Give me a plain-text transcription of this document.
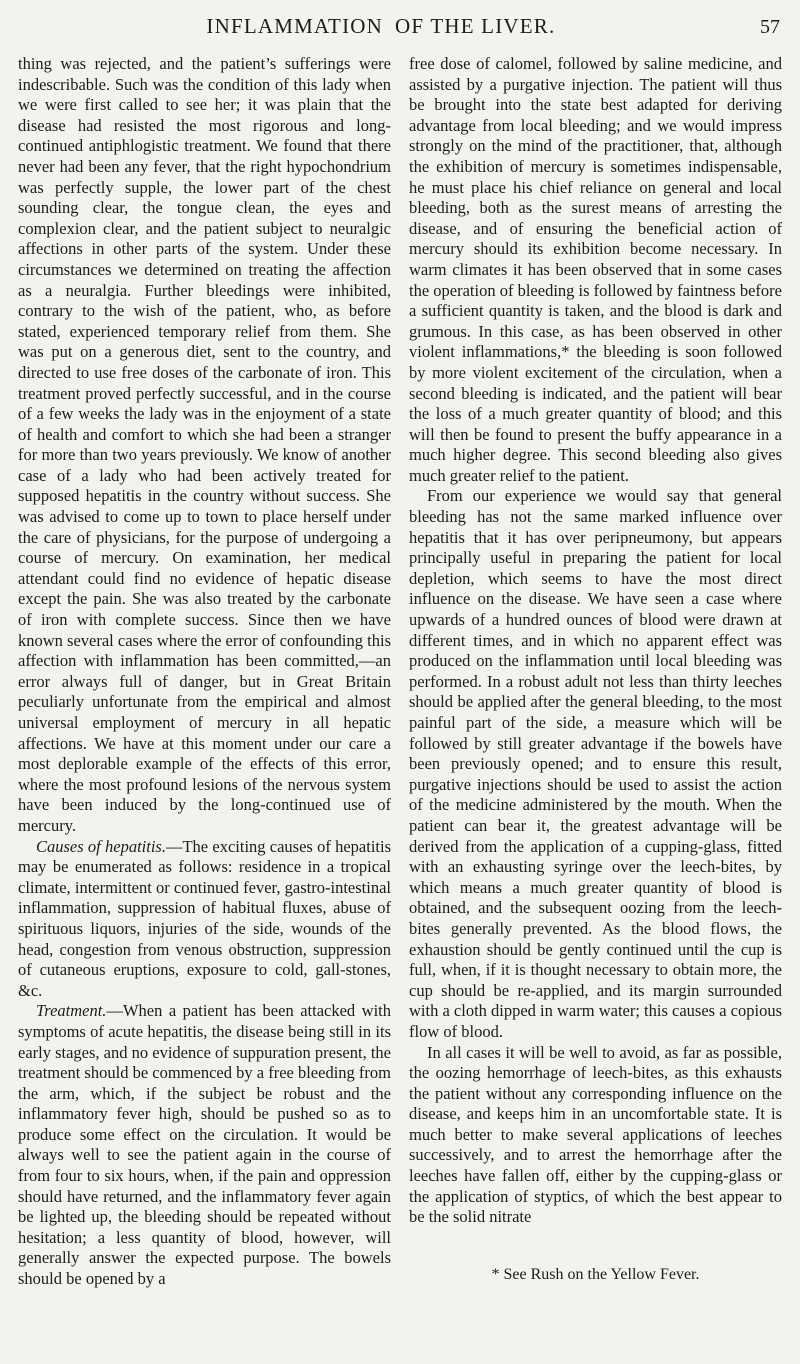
INFLAMMATION OF THE LIVER.	57

thing was rejected, and the patient’s sufferings were indescribable. Such was the condition of this lady when we were first called to see her; it was plain that the disease had resisted the most rigorous and long-continued antiphlogistic treatment. We found that there never had been any fever, that the right hypochondrium was perfectly supple, the lower part of the chest sounding clear, the tongue clean, the eyes and complexion clear, and the patient subject to neuralgic affections in other parts of the system. Under these circumstances we determined on treating the affection as a neuralgia. Further bleedings were inhibited, contrary to the wish of the patient, who, as before stated, experienced temporary relief from them. She was put on a generous diet, sent to the country, and directed to use free doses of the carbonate of iron. This treatment proved perfectly successful, and in the course of a few weeks the lady was in the enjoyment of a state of health and comfort to which she had been a stranger for more than two years previously. We know of another case of a lady who had been actively treated for supposed hepatitis in the country without success. She was advised to come up to town to place herself under the care of physicians, for the purpose of undergoing a course of mercury. On examination, her medical attendant could find no evidence of hepatic disease except the pain. She was also treated by the carbonate of iron with complete success. Since then we have known several cases where the error of confounding this affection with inflammation has been committed,—an error always full of danger, but in Great Britain peculiarly unfortunate from the empirical and almost universal employment of mercury in all hepatic affections. We have at this moment under our care a most deplorable example of the effects of this error, where the most profound lesions of the nervous system have been induced by the long-continued use of mercury.

Causes of hepatitis.—The exciting causes of hepatitis may be enumerated as follows: residence in a tropical climate, intermittent or continued fever, gastro-intestinal inflammation, suppression of habitual fluxes, abuse of spirituous liquors, injuries of the side, wounds of the head, congestion from venous obstruction, suppression of cutaneous eruptions, exposure to cold, gall-stones, &c.

Treatment.—When a patient has been attacked with symptoms of acute hepatitis, the disease being still in its early stages, and no evidence of suppuration present, the treatment should be commenced by a free bleeding from the arm, which, if the subject be robust and the inflammatory fever high, should be pushed so as to produce some effect on the circulation. It would be always well to see the patient again in the course of from four to six hours, when, if the pain and oppression should have returned, and the inflammatory fever again be lighted up, the bleeding should be repeated without hesitation; a less quantity of blood, however, will generally answer the expected purpose. The bowels should be opened by a

free dose of calomel, followed by saline medicine, and assisted by a purgative injection. The patient will thus be brought into the state best adapted for deriving advantage from local bleeding; and we would impress strongly on the mind of the practitioner, that, although the exhibition of mercury is sometimes indispensable, he must place his chief reliance on general and local bleeding, both as the surest means of arresting the disease, and of ensuring the beneficial action of mercury should its exhibition become necessary. In warm climates it has been observed that in some cases the operation of bleeding is followed by faintness before a sufficient quantity is taken, and the blood is dark and grumous. In this case, as has been observed in other violent inflammations,* the bleeding is soon followed by more violent excitement of the circulation, when a second bleeding is indicated, and the patient will bear the loss of a much greater quantity of blood; and this will then be found to present the buffy appearance in a much higher degree. This second bleeding also gives much greater relief to the patient.

From our experience we would say that general bleeding has not the same marked influence over hepatitis that it has over peripneumony, but appears principally useful in preparing the patient for local depletion, which seems to have the most direct influence on the disease. We have seen a case where upwards of a hundred ounces of blood were drawn at different times, and in which no apparent effect was produced on the inflammation until local bleeding was performed. In a robust adult not less than thirty leeches should be applied after the general bleeding, to the most painful part of the side, a measure which will be followed by still greater advantage if the bowels have been previously opened; and to ensure this result, purgative injections should be used to assist the action of the medicine administered by the mouth. When the patient can bear it, the greatest advantage will be derived from the application of a cupping-glass, fitted with an exhausting syringe over the leech-bites, by which means a much greater quantity of blood is obtained, and the subsequent oozing from the leech-bites generally prevented. As the blood flows, the exhaustion should be gently continued until the cup is full, when, if it is thought necessary to obtain more, the cup should be re-applied, and its margin surrounded with a cloth dipped in warm water; this causes a copious flow of blood.

In all cases it will be well to avoid, as far as possible, the oozing hemorrhage of leech-bites, as this exhausts the patient without any corresponding influence on the disease, and keeps him in an uncomfortable state. It is much better to make several applications of leeches successively, and to arrest the hemorrhage after the leeches have fallen off, either by the cupping-glass or the application of styptics, of which the best appear to be the solid nitrate

* See Rush on the Yellow Fever.
